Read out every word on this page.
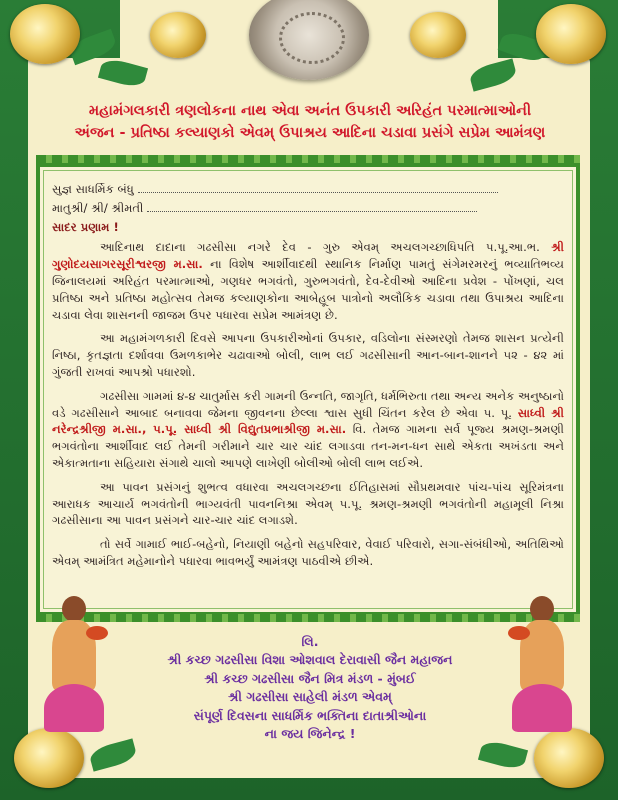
મહામંગલકારી ત્રણલોકના નાથ એવા અનંત ઉપકારી અરિહંત પરમાત્માઓની
અંજન - પ્રતિષ્ઠા કલ્યાણકો એવમ્ ઉપાશ્રય આદિના ચડાવા પ્રસંગે સપ્રેમ આમંત્રણ

સુજ્ઞ સાધર્મિક બંધુ

માતુશ્રી/ શ્રી/ શ્રીમતી

સાદર પ્રણામ !

આદિનાથ દાદાના ગઢસીસા નગરે દેવ - ગુરુ એવમ્ અચલગચ્છાધિપતિ પ.પૂ.આ.ભ. શ્રી ગુણોદયસાગરસૂરીશ્વરજી મ.સા. ના વિશેષ આર્શીવાદથી સ્થાનિક નિર્માણ પામતું સંગેમરમરનું ભવ્યાતિભવ્ય જિનાલયમાં અરિહંત પરમાત્માઓ, ગણધર ભગવંતો, ગુરુભગવંતો, દેવ-દેવીઓ આદિના પ્રવેશ - પોંખણાં, ચલ પ્રતિષ્ઠા અને પ્રતિષ્ઠા મહોત્સવ તેમજ કલ્યાણકોના આબેહૂબ પાત્રોનો અલૌકિક ચડાવા તથા ઉપાશ્રય આદિના ચડાવા લેવા શાસનની જાજમ ઉપર પધારવા સપ્રેમ આમંત્રણ છે.

આ મહામંગળકારી દિવસે આપના ઉપકારીઓનાં ઉપકાર, વડિલોના સંસ્મરણો તેમજ શાસન પ્રત્યેની નિષ્ઠા, કૃતજ્ઞતા દર્શાવવા ઉમળકાભેર ચઢાવાઓ બોલી, લાભ લઈ ગઢસીસાની આન-બાન-શાનને ૫૨ - ૪૨ માં ગુંજતી રાખવાં આપશ્રો પધારશો.

ગઢસીસા ગામમાં ૪-૪ ચાતુર્માસ કરી ગામની ઉન્નતિ, જાગૃતિ, ધર્મભિરુતા તથા અન્ય અનેક અનુષ્ઠાનો વડે ગઢસીસાને આબાદ બનાવવા જેમના જીવનના છેલ્લા શ્વાસ સુધી ચિંતન કરેલ છે એવા પ. પૂ. સાધ્વી શ્રી નરેન્દ્રશ્રીજી મ.સા., પ.પૂ. સાધ્વી શ્રી વિદ્યુતપ્રભાશ્રીજી મ.સા. વિ. તેમજ ગામના સર્વ પૂજ્ય શ્રમણ-શ્રમણી ભગવંતોના આર્શીવાદ લઈ તેમની ગરીમાને ચાર ચાર ચાંદ લગાડવા તન-મન-ધન સાથે એકતા અખંડતા અને એકાત્મતાના સહિયારા સંગાથે ચાલો આપણે લાખેણી બોલીઓ બોલી લાભ લઈએ.

આ પાવન પ્રસંગનું શુભત્વ વધારવા અચલગચ્છના ઈતિહાસમાં સૌપ્રથમવાર પાંચ-પાંચ સૂરિમંત્રના આરાધક આચાર્ય ભગવંતોની ભાગ્યવંતી પાવનનિશ્રા એવમ્ પ.પૂ. શ્રમણ-શ્રમણી ભગવંતોની મહામૂલી નિશ્રા ગઢસીસાના આ પાવન પ્રસંગને ચાર-ચાર ચાંદ લગાડશે.

તો સર્વે ગામાઈ ભાઈ-બહેનો, નિયાણી બહેનો સહપરિવાર, વેવાઈ પરિવારો, સગા-સંબંધીઓ, અતિથિઓ એવમ્ આમંત્રિત મહેમાનોને પધારવા ભાવભર્યું આમંત્રણ પાઠવીએ છીએ.

લિ.
શ્રી કચ્છ ગઢસીસા વિશા ઓશવાલ દેરાવાસી જૈન મહાજન
શ્રી કચ્છ ગઢસીસા જૈન મિત્ર મંડળ - મુંબઈ
શ્રી ગઢસીસા સાહેલી મંડળ એવમ્
સંપૂર્ણ દિવસના સાધર્મિક ભક્તિના દાતાશ્રીઓના
ના જય જિનેન્દ્ર !
